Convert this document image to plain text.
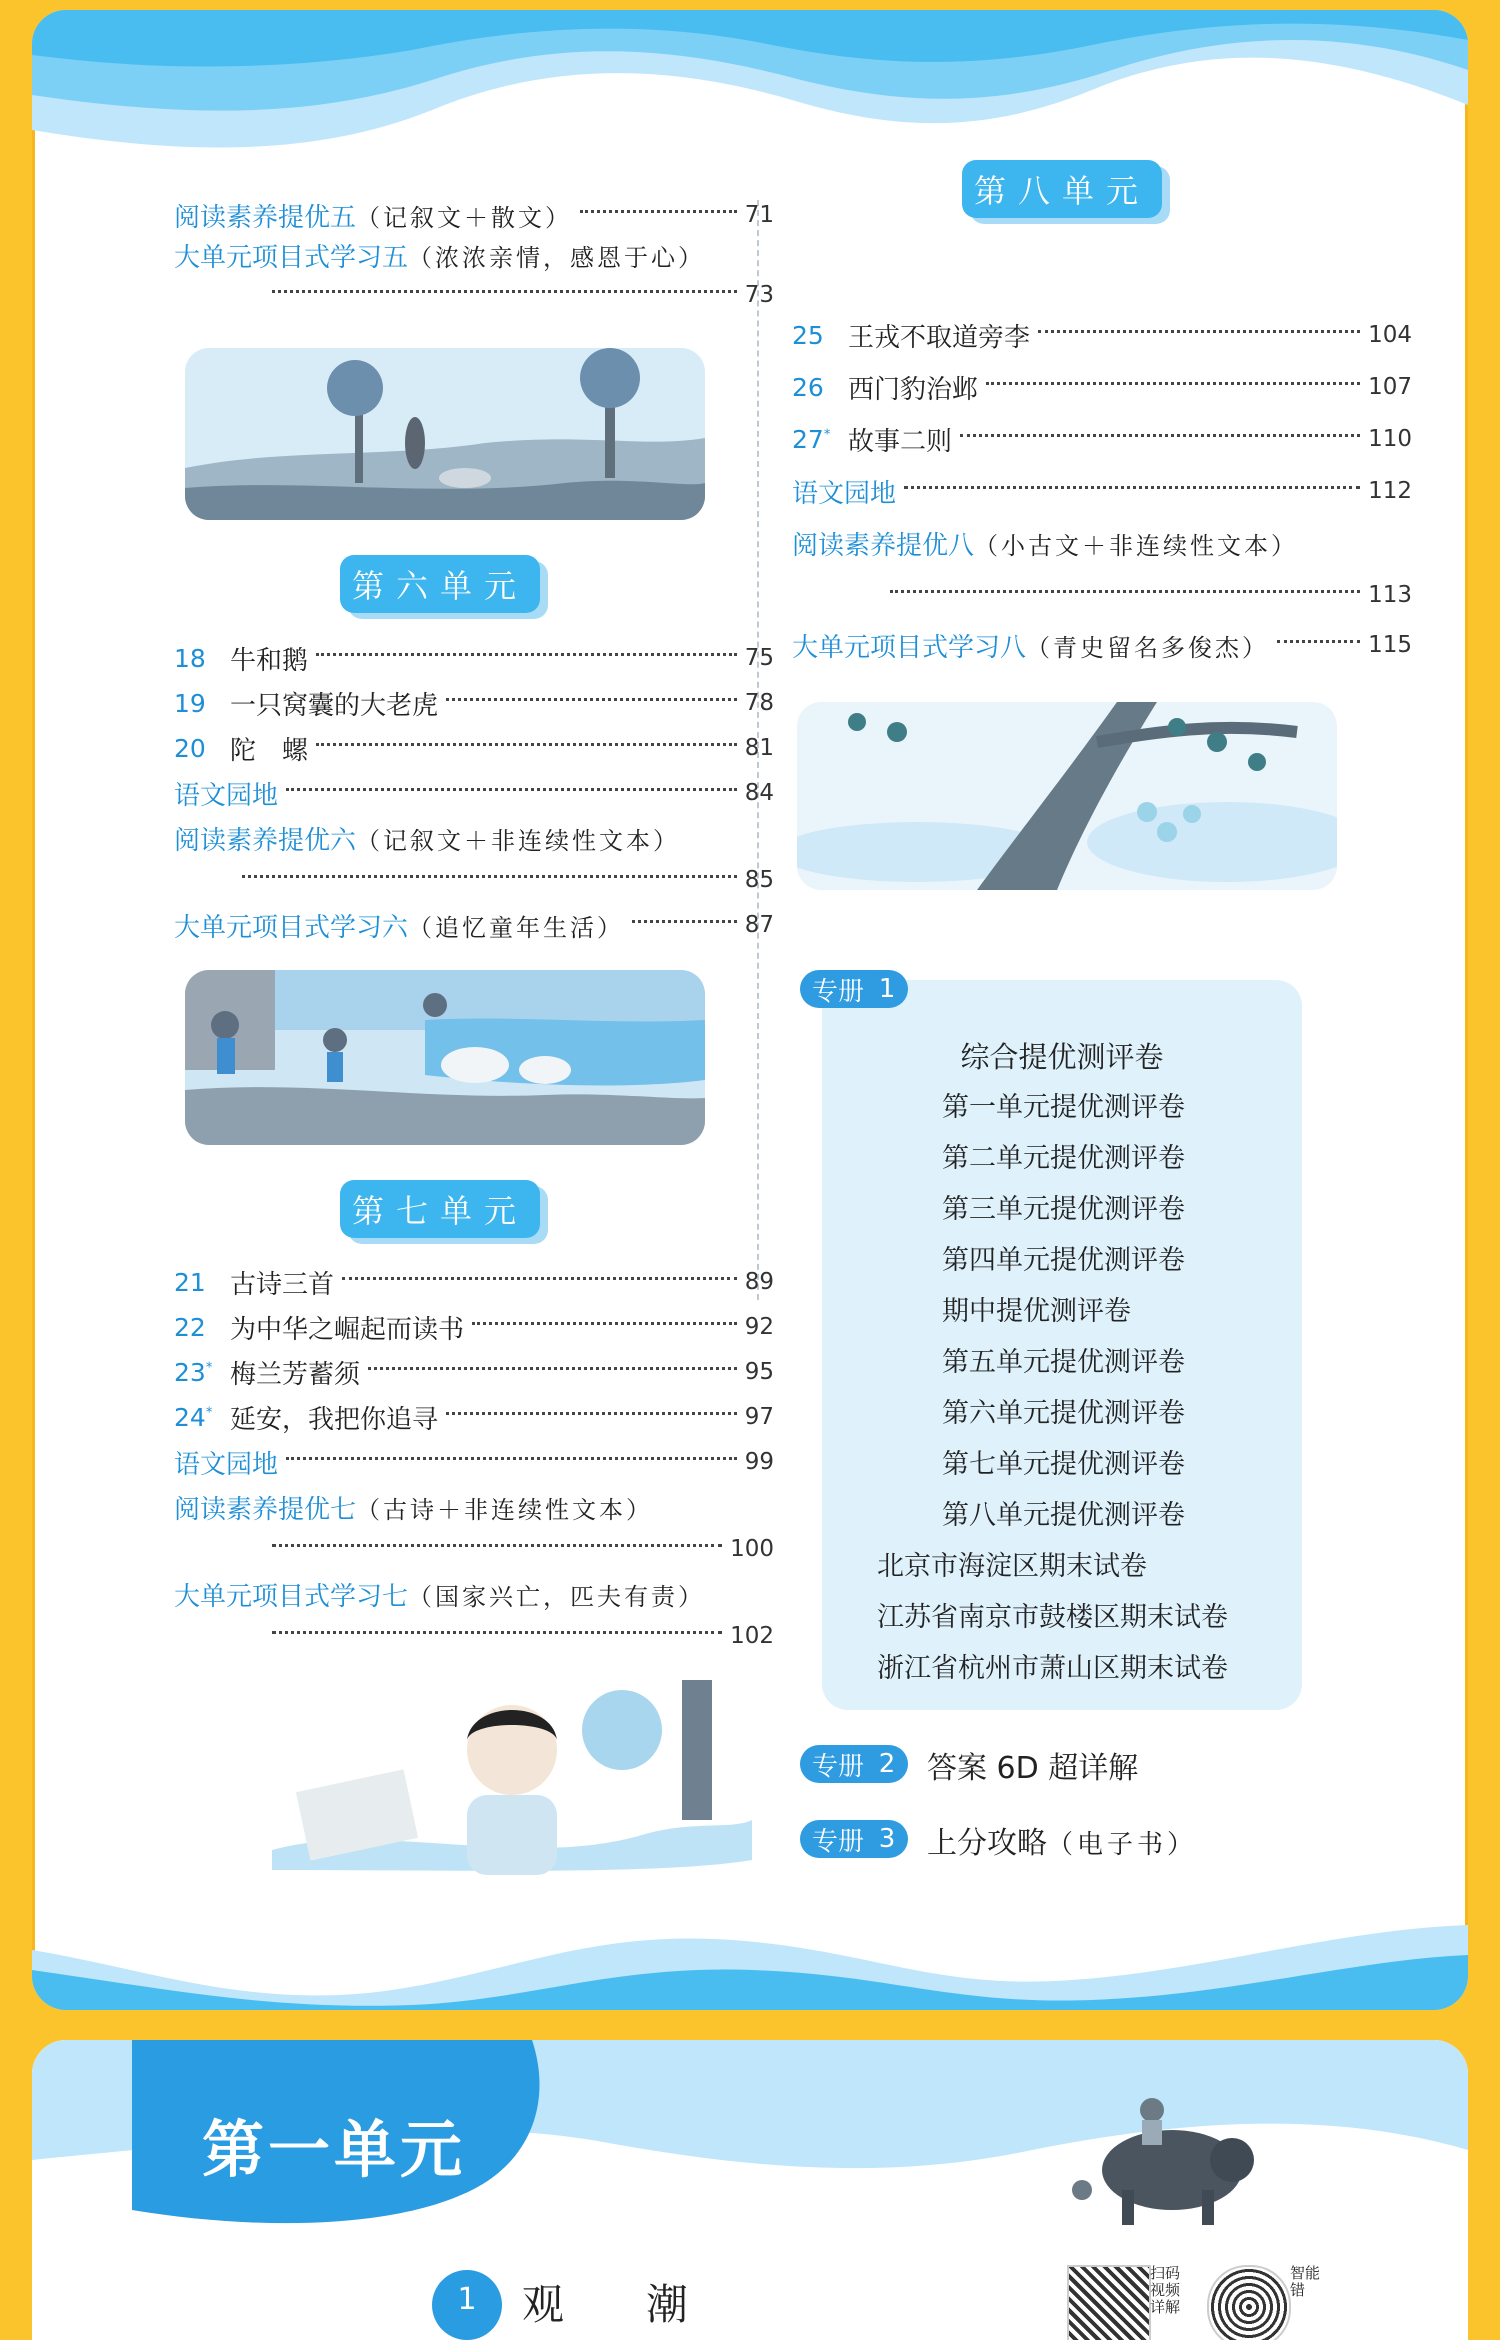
阅读素养提优五 （记叙文＋散文）	71
大单元项目式学习五 （浓浓亲情，感恩于心）
73
第六单元
18 牛和鹅	75
19 一只窝囊的大老虎	78
20 陀　螺	81
语文园地	84
阅读素养提优六 （记叙文＋非连续性文本）
85
大单元项目式学习六 （追忆童年生活）	87
第七单元
21 古诗三首	89
22 为中华之崛起而读书	92
23* 梅兰芳蓄须	95
24* 延安，我把你追寻	97
语文园地	99
阅读素养提优七 （古诗＋非连续性文本）
100
大单元项目式学习七 （国家兴亡，匹夫有责）
102
第八单元
25 王戎不取道旁李	104
26 西门豹治邺	107
27* 故事二则	110
语文园地	112
阅读素养提优八 （小古文＋非连续性文本）
113
大单元项目式学习八 （青史留名多俊杰）	115
综合提优测评卷
第一单元提优测评卷
第二单元提优测评卷
第三单元提优测评卷
第四单元提优测评卷
期中提优测评卷
第五单元提优测评卷
第六单元提优测评卷
第七单元提优测评卷
第八单元提优测评卷
北京市海淀区期末试卷
江苏省南京市鼓楼区期末试卷
浙江省杭州市萧山区期末试卷
专册 1
专册 2 答案 6D 超详解
专册 3 上分攻略（电子书）
第一单元
1	观　潮
扫码视频详解
智能错
